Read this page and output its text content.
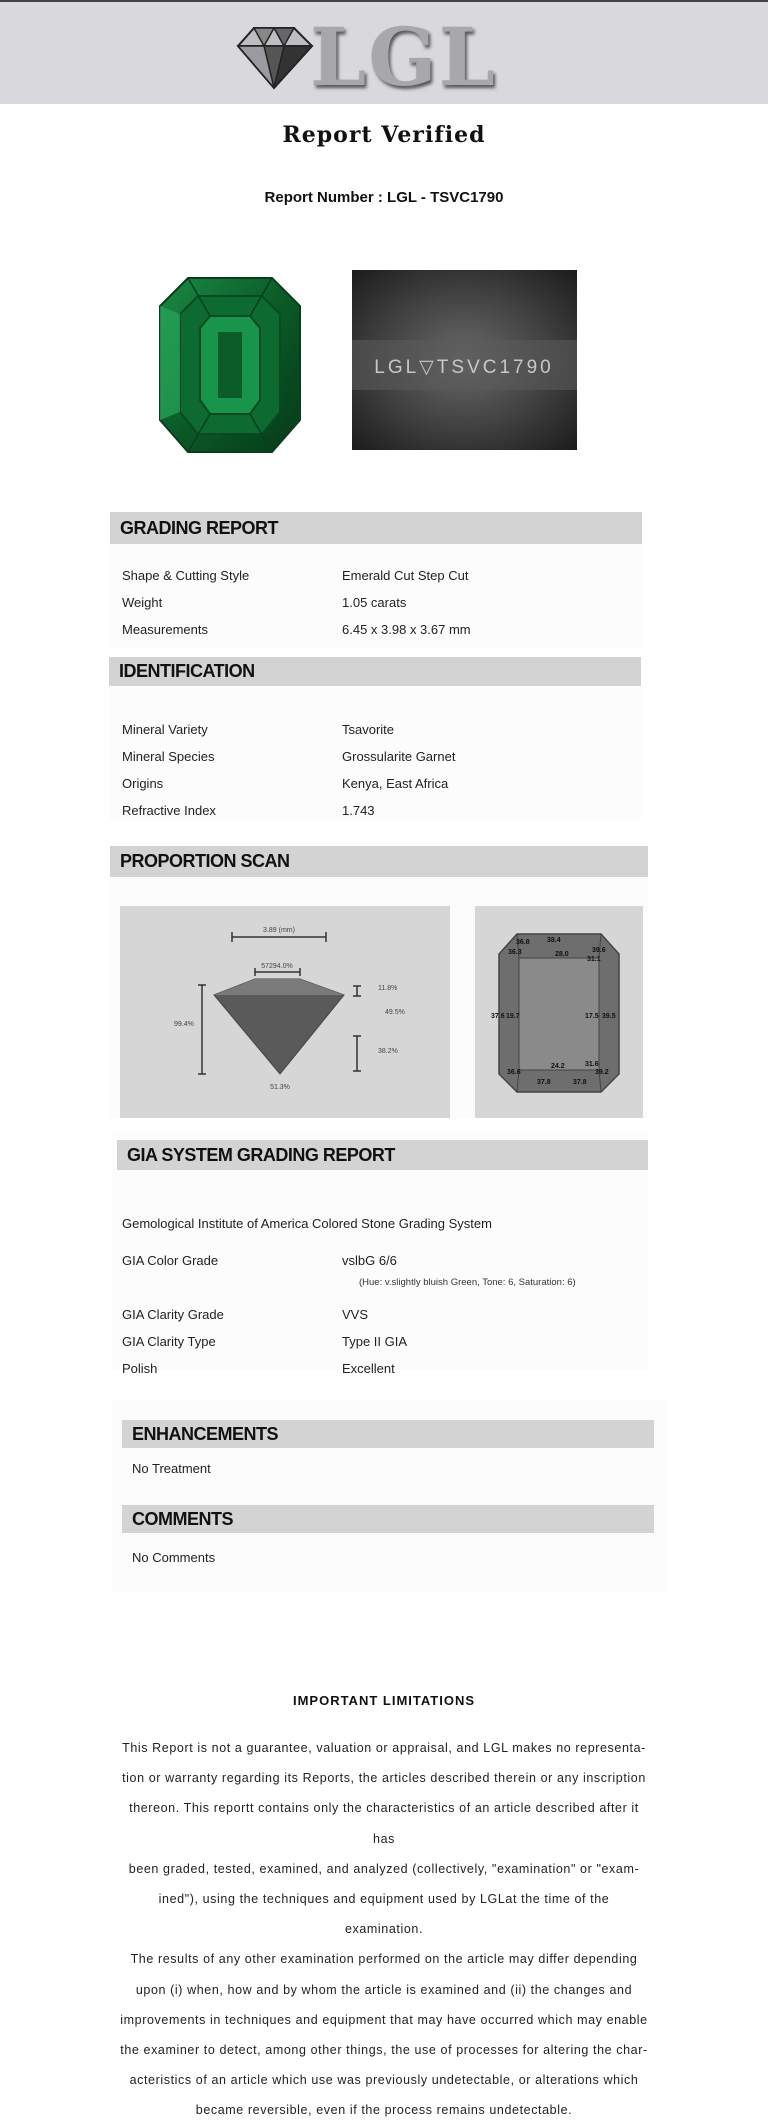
LGL
Report Verified
Report Number : LGL - TSVC1790
LGL▽TSVC1790
GRADING REPORT
Shape & Cutting Style	Emerald Cut Step Cut
Weight	1.05 carats
Measurements	6.45 x 3.98 x 3.67 mm
IDENTIFICATION
Mineral Variety	Tsavorite
Mineral Species	Grossularite Garnet
Origins	Kenya, East Africa
Refractive Index	1.743
PROPORTION SCAN
3.89 (mm)
57294.0%
99.4%
11.8%
49.5%
38.2%
51.3%
36.8 38.4
36.3	28.0
39.6
31.1
37.6 19.7	17.5 39.5
36.6
24.2	31.6
39.2
37.8	37.8
GIA SYSTEM GRADING REPORT
Gemological Institute of America Colored Stone Grading System
GIA Color Grade	vslbG 6/6
(Hue: v.slightly bluish Green, Tone: 6, Saturation: 6)
GIA Clarity Grade	VVS
GIA Clarity Type	Type II GIA
Polish	Excellent
ENHANCEMENTS
No Treatment
COMMENTS
No Comments
IMPORTANT LIMITATIONS
This Report is not a guarantee, valuation or appraisal, and LGL makes no representa-
tion or warranty regarding its Reports, the articles described therein or any inscription
thereon. This reportt contains only the characteristics of an article described after it has
been graded, tested, examined, and analyzed (collectively, "examination" or "exam-
ined"), using the techniques and equipment used by LGLat the time of the examination.
The results of any other examination performed on the article may differ depending
upon (i) when, how and by whom the article is examined and (ii) the changes and
improvements in techniques and equipment that may have occurred which may enable
the examiner to detect, among other things, the use of processes for altering the char-
acteristics of an article which use was previously undetectable, or alterations which
became reversible, even if the process remains undetectable.
